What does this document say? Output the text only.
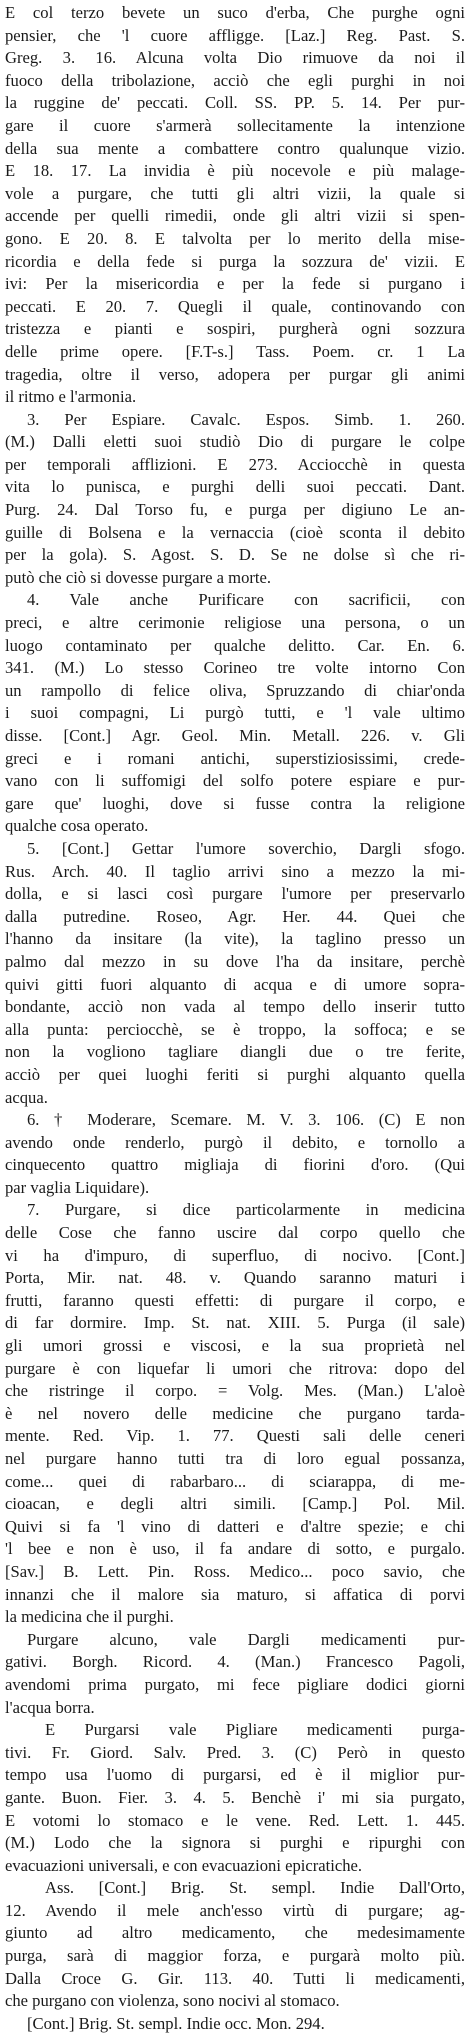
E col terzo bevete un suco d'erba, Che purghe ogni
pensier, che 'l cuore affligge. [Laz.] Reg. Past. S.
Greg. 3. 16. Alcuna volta Dio rimuove da noi il
fuoco della tribolazione, acciò che egli purghi in noi
la ruggine de' peccati. Coll. SS. PP. 5. 14. Per pur-
gare il cuore s'armerà sollecitamente la intenzione
della sua mente a combattere contro qualunque vizio.
E 18. 17. La invidia è più nocevole e più malage-
vole a purgare, che tutti gli altri vizii, la quale si
accende per quelli rimedii, onde gli altri vizii si spen-
gono. E 20. 8. E talvolta per lo merito della mise-
ricordia e della fede si purga la sozzura de' vizii. E
ivi: Per la misericordia e per la fede si purgano i
peccati. E 20. 7. Quegli il quale, continovando con
tristezza e pianti e sospiri, purgherà ogni sozzura
delle prime opere. [F.T-s.] Tass. Poem. cr. 1 La
tragedia, oltre il verso, adopera per purgar gli animi
il ritmo e l'armonia.
3. Per Espiare. Cavalc. Espos. Simb. 1. 260.
(M.) Dalli eletti suoi studiò Dio di purgare le colpe
per temporali afflizioni. E 273. Acciocchè in questa
vita lo punisca, e purghi delli suoi peccati. Dant.
Purg. 24. Dal Torso fu, e purga per digiuno Le an-
guille di Bolsena e la vernaccia (cioè sconta il debito
per la gola). S. Agost. S. D. Se ne dolse sì che ri-
putò che ciò si dovesse purgare a morte.
4. Vale anche Purificare con sacrificii, con
preci, e altre cerimonie religiose una persona, o un
luogo contaminato per qualche delitto. Car. En. 6.
341. (M.) Lo stesso Corineo tre volte intorno Con
un rampollo di felice oliva, Spruzzando di chiar'onda
i suoi compagni, Li purgò tutti, e 'l vale ultimo
disse. [Cont.] Agr. Geol. Min. Metall. 226. v. Gli
greci e i romani antichi, superstiziosissimi, crede-
vano con li suffomigi del solfo potere espiare e pur-
gare que' luoghi, dove si fusse contra la religione
qualche cosa operato.
5. [Cont.] Gettar l'umore soverchio, Dargli sfogo.
Rus. Arch. 40. Il taglio arrivi sino a mezzo la mi-
dolla, e si lasci così purgare l'umore per preservarlo
dalla putredine. Roseo, Agr. Her. 44. Quei che
l'hanno da insitare (la vite), la taglino presso un
palmo dal mezzo in su dove l'ha da insitare, perchè
quivi gitti fuori alquanto di acqua e di umore sopra-
bondante, acciò non vada al tempo dello inserir tutto
alla punta: perciocchè, se è troppo, la soffoca; e se
non la vogliono tagliare diangli due o tre ferite,
acciò per quei luoghi feriti si purghi alquanto quella
acqua.
6. † Moderare, Scemare. M. V. 3. 106. (C) E non
avendo onde renderlo, purgò il debito, e tornollo a
cinquecento quattro migliaja di fiorini d'oro. (Qui
par vaglia Liquidare).
7. Purgare, si dice particolarmente in medicina
delle Cose che fanno uscire dal corpo quello che
vi ha d'impuro, di superfluo, di nocivo. [Cont.]
Porta, Mir. nat. 48. v. Quando saranno maturi i
frutti, faranno questi effetti: di purgare il corpo, e
di far dormire. Imp. St. nat. XIII. 5. Purga (il sale)
gli umori grossi e viscosi, e la sua proprietà nel
purgare è con liquefar li umori che ritrova: dopo del
che ristringe il corpo. = Volg. Mes. (Man.) L'aloè
è nel novero delle medicine che purgano tarda-
mente. Red. Vip. 1. 77. Questi sali delle ceneri
nel purgare hanno tutti tra di loro egual possanza,
come... quei di rabarbaro... di sciarappa, di me-
cioacan, e degli altri simili. [Camp.] Pol. Mil.
Quivi si fa 'l vino di datteri e d'altre spezie; e chi
'l bee e non è uso, il fa andare di sotto, e purgalo.
[Sav.] B. Lett. Pin. Ross. Medico... poco savio, che
innanzi che il malore sia maturo, si affatica di porvi
la medicina che il purghi.
Purgare alcuno, vale Dargli medicamenti pur-
gativi. Borgh. Ricord. 4. (Man.) Francesco Pagoli,
avendomi prima purgato, mi fece pigliare dodici giorni
l'acqua borra.
E Purgarsi vale Pigliare medicamenti purga-
tivi. Fr. Giord. Salv. Pred. 3. (C) Però in questo
tempo usa l'uomo di purgarsi, ed è il miglior pur-
gante. Buon. Fier. 3. 4. 5. Benchè i' mi sia purgato,
E votomi lo stomaco e le vene. Red. Lett. 1. 445.
(M.) Lodo che la signora si purghi e ripurghi con
evacuazioni universali, e con evacuazioni epicratiche.
Ass. [Cont.] Brig. St. sempl. Indie Dall'Orto,
12. Avendo il mele anch'esso virtù di purgare; ag-
giunto ad altro medicamento, che medesimamente
purga, sarà di maggior forza, e purgarà molto più.
Dalla Croce G. Gir. 113. 40. Tutti li medicamenti,
che purgano con violenza, sono nocivi al stomaco.
[Cont.] Brig. St. sempl. Indie occ. Mon. 294.
